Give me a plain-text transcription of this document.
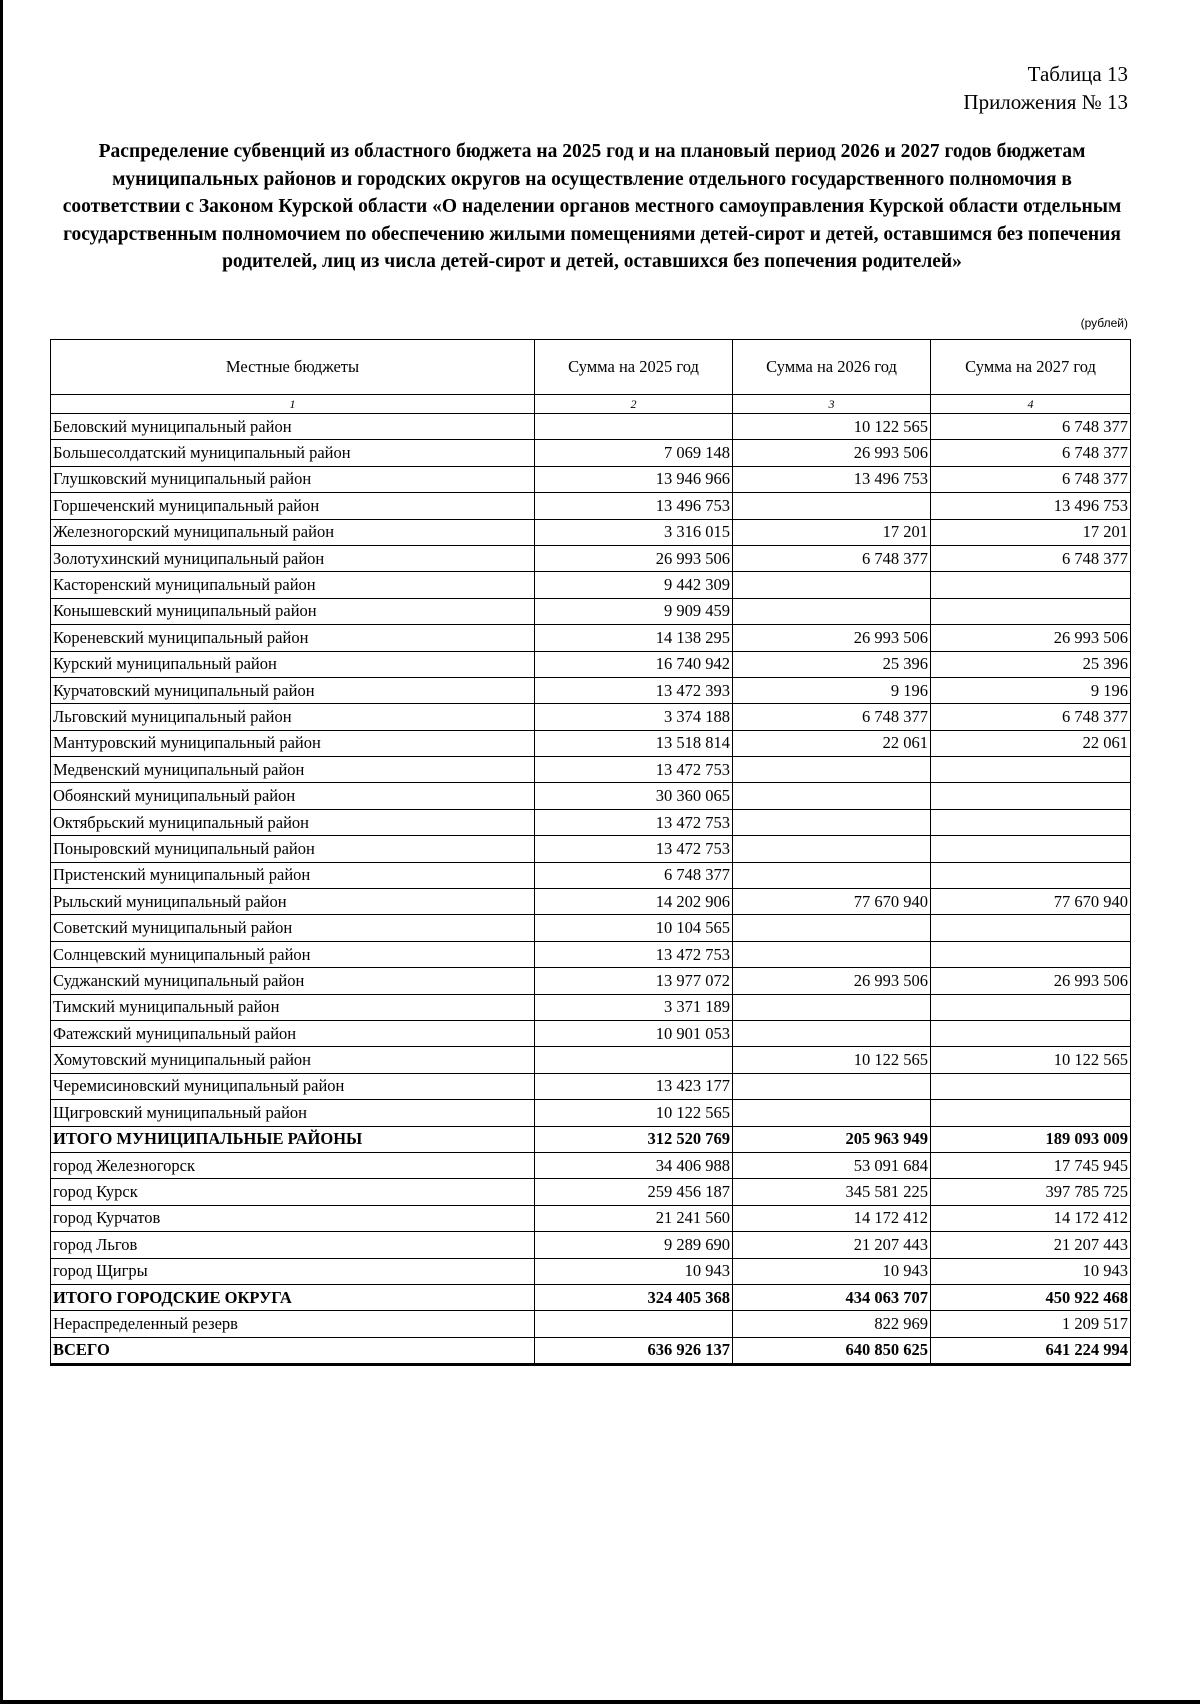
Таблица 13
Приложения № 13
Распределение субвенций из областного бюджета на 2025 год и на плановый период 2026 и 2027 годов бюджетам муниципальных районов и городских округов на осуществление отдельного государственного полномочия в соответствии с Законом Курской области «О наделении органов местного самоуправления Курской области отдельным государственным полномочием по обеспечению жилыми помещениями детей-сирот и детей, оставшимся без попечения родителей, лиц из числа детей-сирот и детей, оставшихся без попечения родителей»
(рублей)
Местные бюджеты	Сумма на 2025 год	Сумма на 2026 год	Сумма на 2027 год
1	2	3	4
Беловский муниципальный район		10 122 565	6 748 377
Большесолдатский муниципальный район	7 069 148	26 993 506	6 748 377
Глушковский муниципальный район	13 946 966	13 496 753	6 748 377
Горшеченский муниципальный район	13 496 753		13 496 753
Железногорский муниципальный район	3 316 015	17 201	17 201
Золотухинский муниципальный район	26 993 506	6 748 377	6 748 377
Касторенский муниципальный район	9 442 309		
Конышевский муниципальный район	9 909 459		
Кореневский муниципальный район	14 138 295	26 993 506	26 993 506
Курский муниципальный район	16 740 942	25 396	25 396
Курчатовский муниципальный район	13 472 393	9 196	9 196
Льговский муниципальный район	3 374 188	6 748 377	6 748 377
Мантуровский муниципальный район	13 518 814	22 061	22 061
Медвенский муниципальный район	13 472 753		
Обоянский муниципальный район	30 360 065		
Октябрьский муниципальный район	13 472 753		
Поныровский муниципальный район	13 472 753		
Пристенский муниципальный район	6 748 377		
Рыльский муниципальный район	14 202 906	77 670 940	77 670 940
Советский муниципальный район	10 104 565		
Солнцевский муниципальный район	13 472 753		
Суджанский муниципальный район	13 977 072	26 993 506	26 993 506
Тимский муниципальный район	3 371 189		
Фатежский муниципальный район	10 901 053		
Хомутовский муниципальный район		10 122 565	10 122 565
Черемисиновский муниципальный район	13 423 177		
Щигровский муниципальный район	10 122 565		
ИТОГО МУНИЦИПАЛЬНЫЕ РАЙОНЫ	312 520 769	205 963 949	189 093 009
город Железногорск	34 406 988	53 091 684	17 745 945
город Курск	259 456 187	345 581 225	397 785 725
город Курчатов	21 241 560	14 172 412	14 172 412
город Льгов	9 289 690	21 207 443	21 207 443
город Щигры	10 943	10 943	10 943
ИТОГО ГОРОДСКИЕ ОКРУГА	324 405 368	434 063 707	450 922 468
Нераспределенный резерв		822 969	1 209 517
ВСЕГО	636 926 137	640 850 625	641 224 994
